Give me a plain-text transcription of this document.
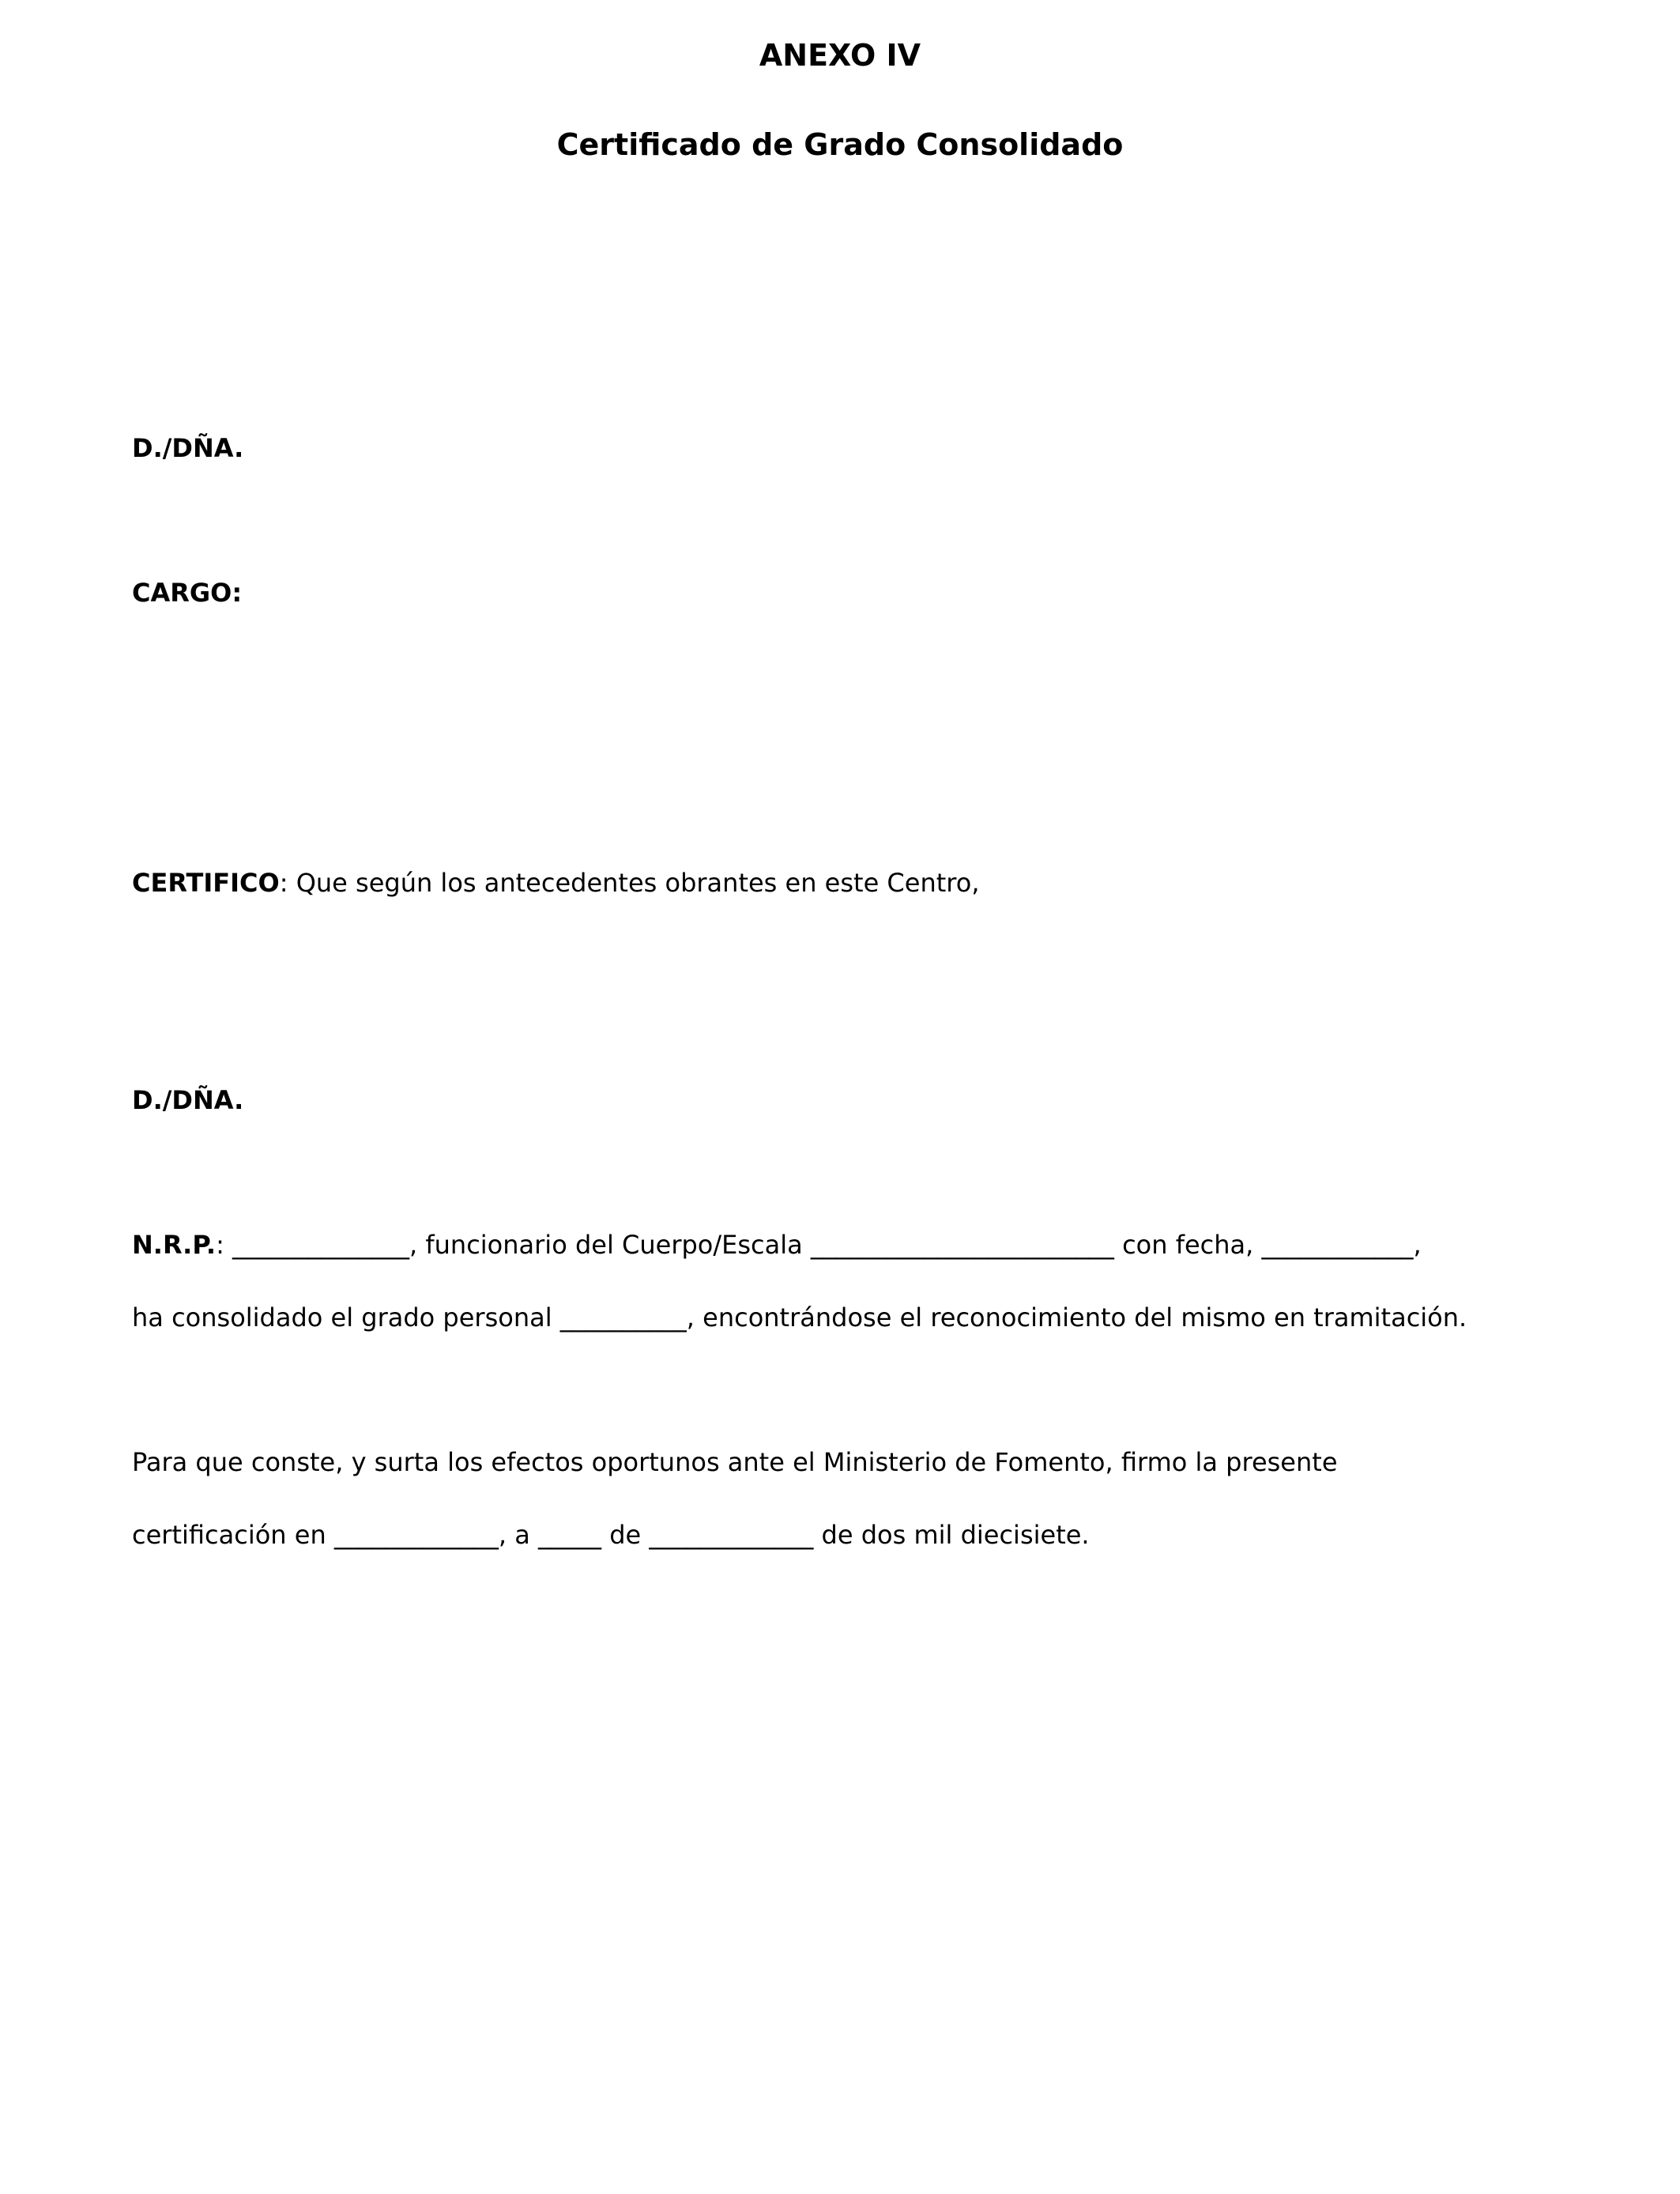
ANEXO IV
Certificado de Grado Consolidado
D./DÑA.
CARGO:
CERTIFICO: Que según los antecedentes obrantes en este Centro,
D./DÑA.
N.R.P.: ______________, funcionario del Cuerpo/Escala ________________________ con fecha, ____________,
ha consolidado el grado personal __________, encontrándose el reconocimiento del mismo en tramitación.
Para que conste, y surta los efectos oportunos ante el Ministerio de Fomento, firmo la presente
certificación en _____________, a _____ de _____________ de dos mil diecisiete.
